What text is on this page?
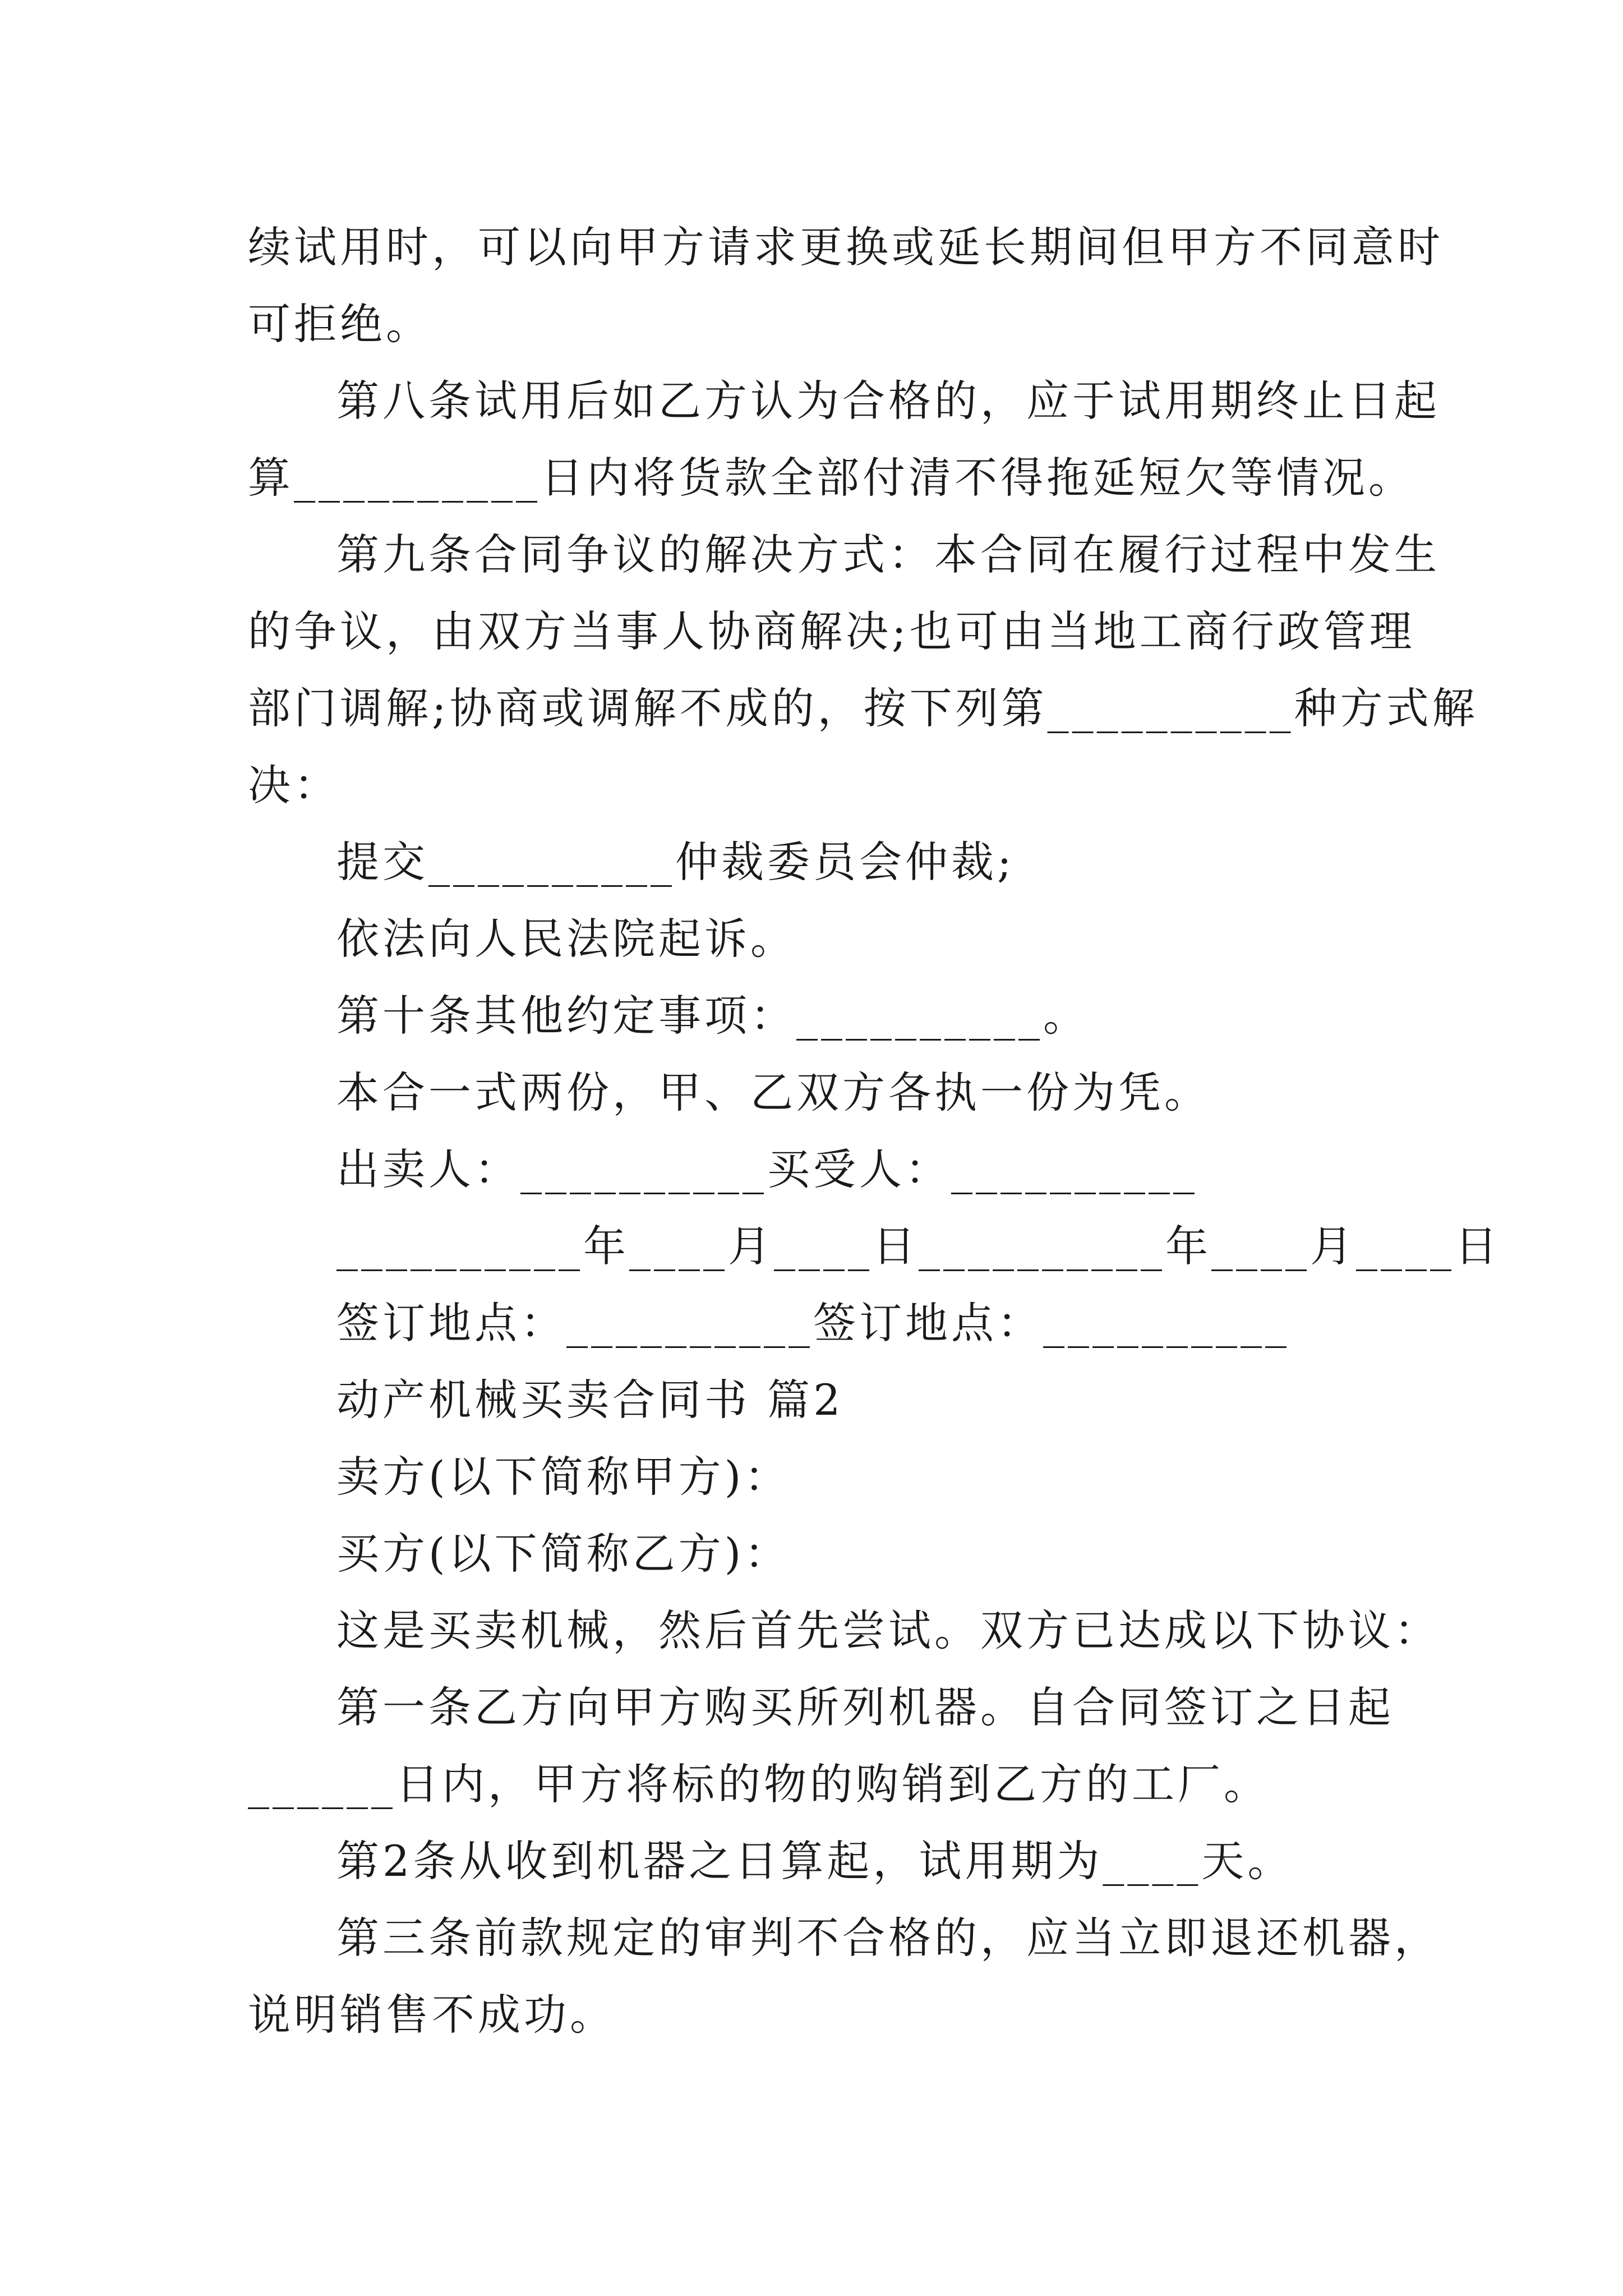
续试用时，可以向甲方请求更换或延长期间但甲方不同意时
可拒绝。
第八条试用后如乙方认为合格的，应于试用期终止日起
算__________日内将货款全部付清不得拖延短欠等情况。
第九条合同争议的解决方式：本合同在履行过程中发生
的争议，由双方当事人协商解决;也可由当地工商行政管理
部门调解;协商或调解不成的，按下列第__________种方式解
决：
提交__________仲裁委员会仲裁;
依法向人民法院起诉。
第十条其他约定事项：__________。
本合一式两份，甲、乙双方各执一份为凭。
出卖人：__________买受人：__________
__________年____月____日__________年____月____日
签订地点：__________签订地点：__________
动产机械买卖合同书 篇2
卖方(以下简称甲方)：
买方(以下简称乙方)：
这是买卖机械，然后首先尝试。双方已达成以下协议：
第一条乙方向甲方购买所列机器。自合同签订之日起
______日内，甲方将标的物的购销到乙方的工厂。
第2条从收到机器之日算起，试用期为____天。
第三条前款规定的审判不合格的，应当立即退还机器，
说明销售不成功。
